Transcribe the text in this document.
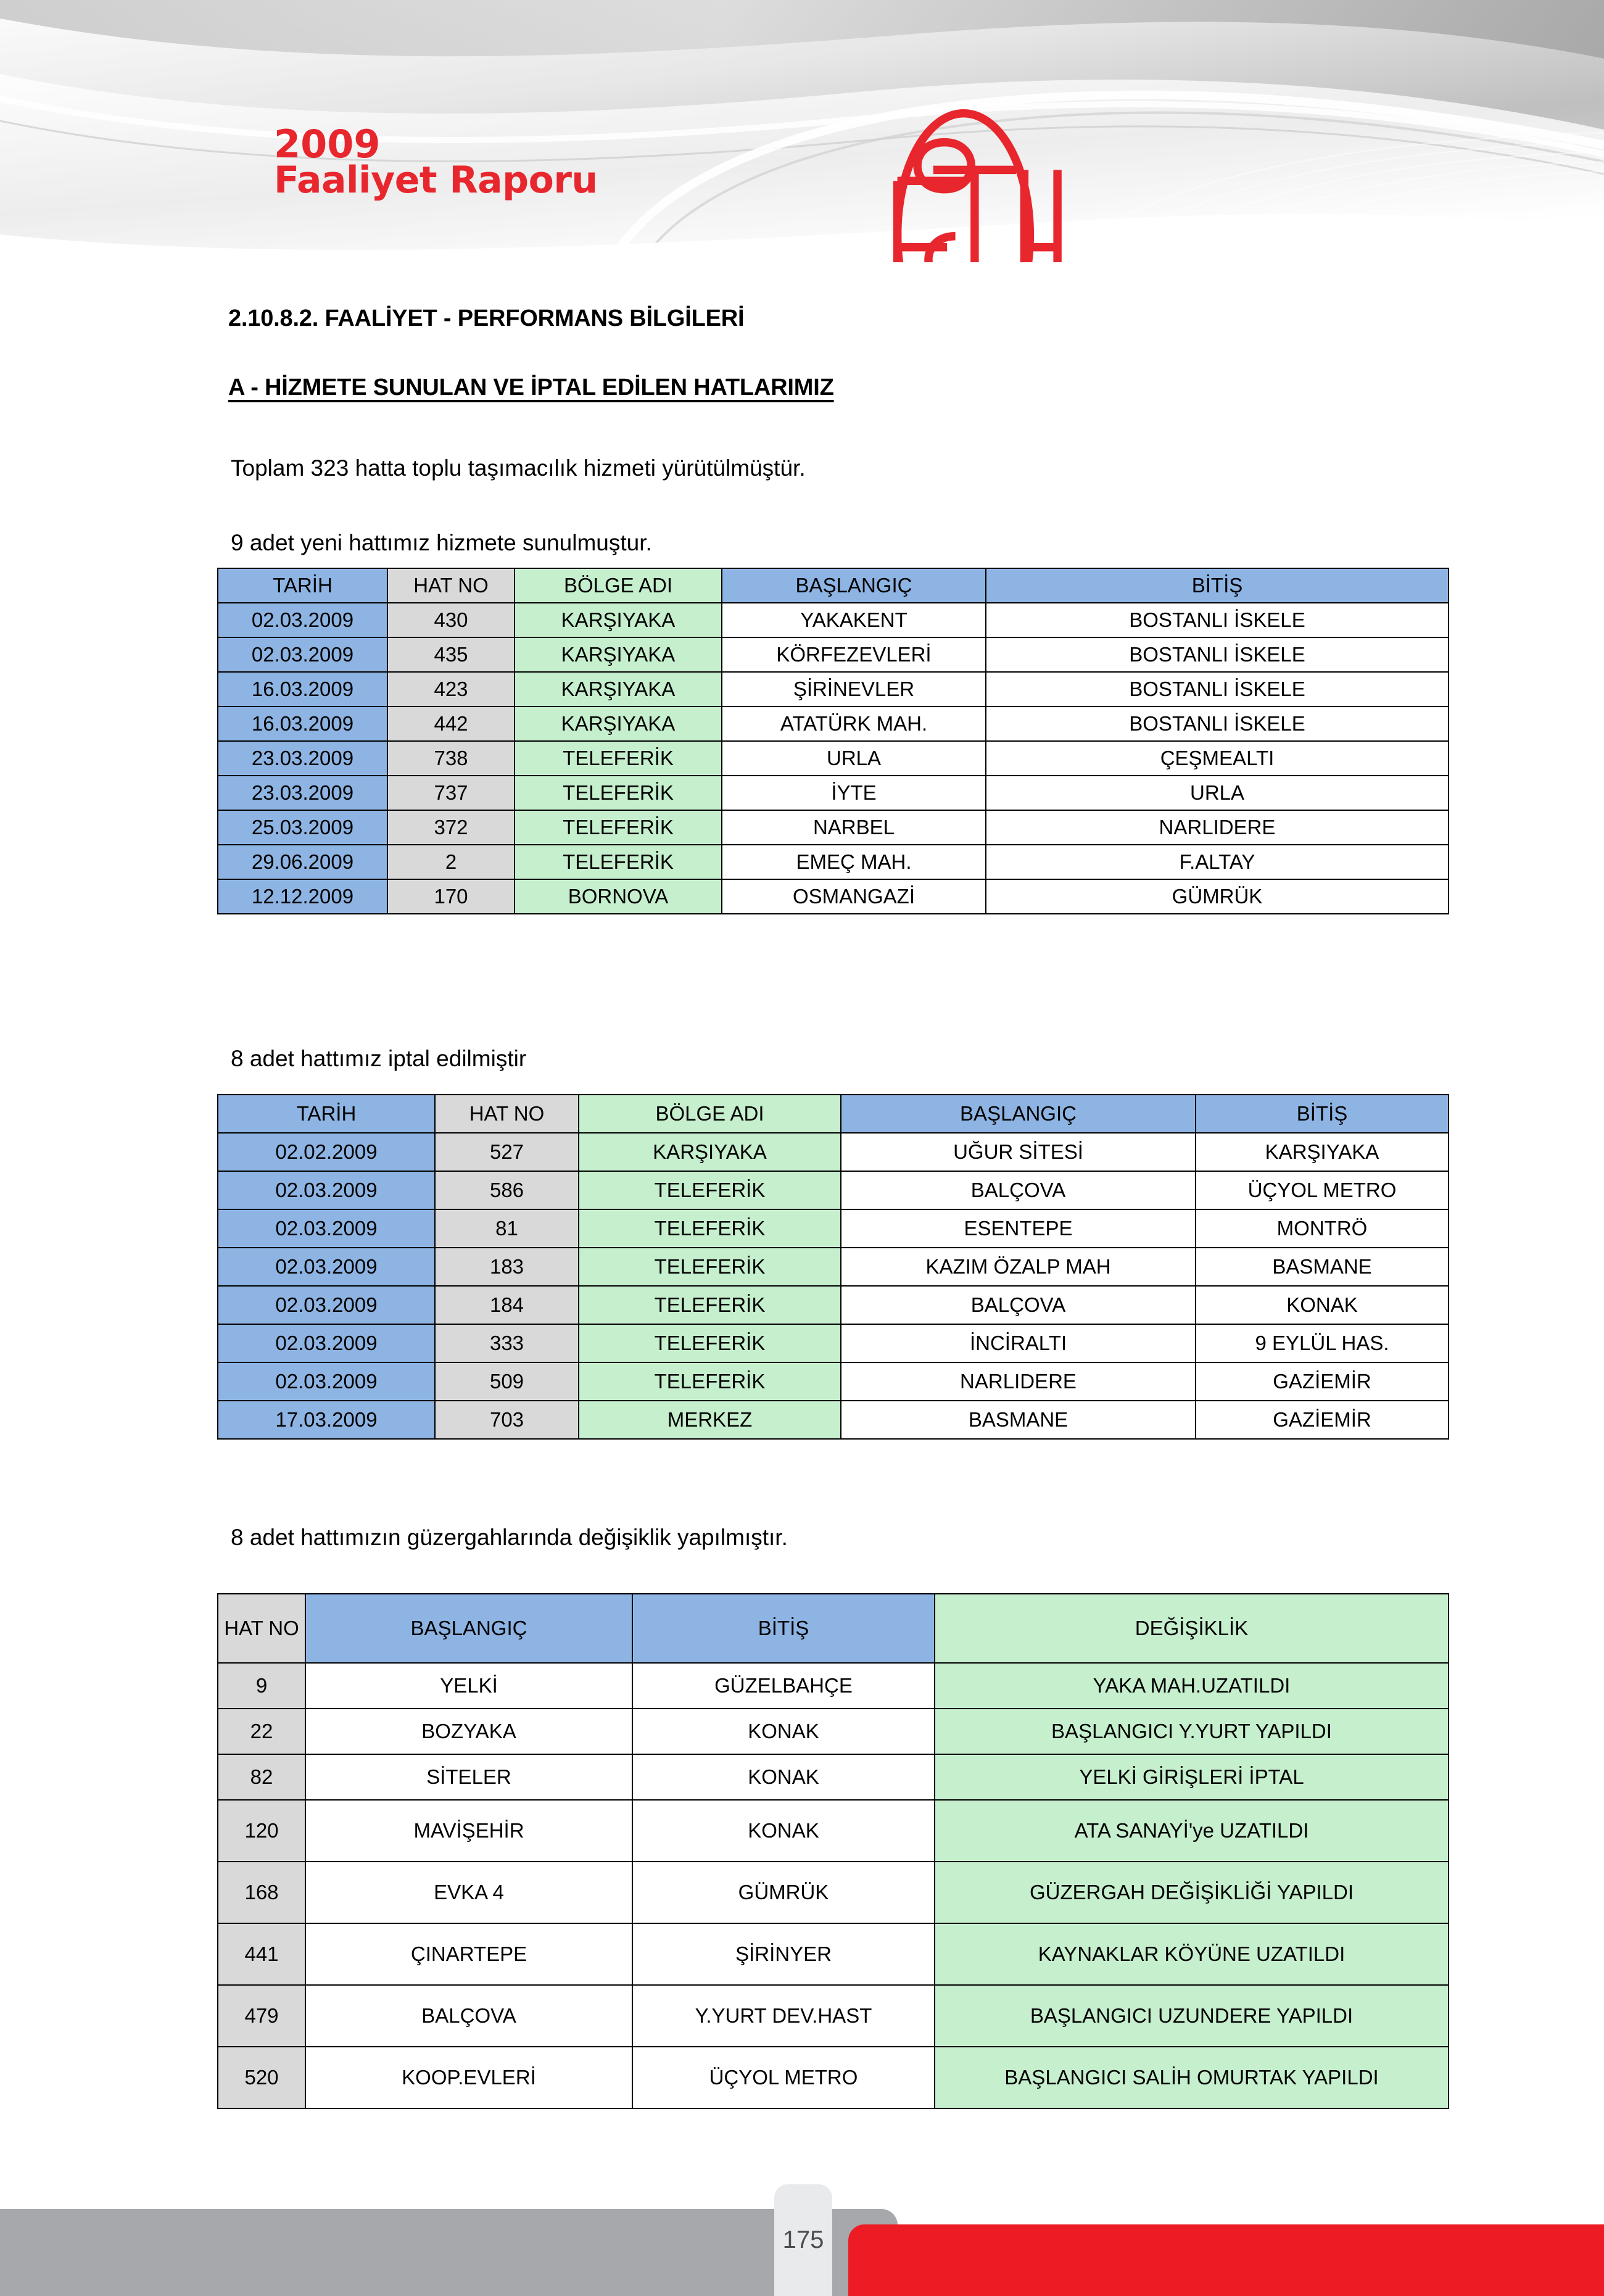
2009
Faaliyet Raporu
2.10.8.2. FAALİYET - PERFORMANS BİLGİLERİ
A - HİZMETE SUNULAN VE İPTAL EDİLEN HATLARIMIZ
Toplam 323 hatta toplu taşımacılık hizmeti yürütülmüştür.
9 adet yeni hattımız hizmete sunulmuştur.
TARİH	HAT NO	BÖLGE ADI	BAŞLANGIÇ	BİTİŞ
02.03.2009	430	KARŞIYAKA	YAKAKENT	BOSTANLI İSKELE
02.03.2009	435	KARŞIYAKA	KÖRFEZEVLERİ	BOSTANLI İSKELE
16.03.2009	423	KARŞIYAKA	ŞİRİNEVLER	BOSTANLI İSKELE
16.03.2009	442	KARŞIYAKA	ATATÜRK MAH.	BOSTANLI İSKELE
23.03.2009	738	TELEFERİK	URLA	ÇEŞMEALTI
23.03.2009	737	TELEFERİK	İYTE	URLA
25.03.2009	372	TELEFERİK	NARBEL	NARLIDERE
29.06.2009	2	TELEFERİK	EMEÇ MAH.	F.ALTAY
12.12.2009	170	BORNOVA	OSMANGAZİ	GÜMRÜK
8 adet hattımız iptal edilmiştir
TARİH	HAT NO	BÖLGE ADI	BAŞLANGIÇ	BİTİŞ
02.02.2009	527	KARŞIYAKA	UĞUR SİTESİ	KARŞIYAKA
02.03.2009	586	TELEFERİK	BALÇOVA	ÜÇYOL METRO
02.03.2009	81	TELEFERİK	ESENTEPE	MONTRÖ
02.03.2009	183	TELEFERİK	KAZIM ÖZALP MAH	BASMANE
02.03.2009	184	TELEFERİK	BALÇOVA	KONAK
02.03.2009	333	TELEFERİK	İNCİRALTI	9 EYLÜL HAS.
02.03.2009	509	TELEFERİK	NARLIDERE	GAZİEMİR
17.03.2009	703	MERKEZ	BASMANE	GAZİEMİR
8 adet hattımızın güzergahlarında değişiklik yapılmıştır.
HAT NO	BAŞLANGIÇ	BİTİŞ	DEĞİŞİKLİK
9	YELKİ	GÜZELBAHÇE	YAKA MAH.UZATILDI
22	BOZYAKA	KONAK	BAŞLANGICI Y.YURT YAPILDI
82	SİTELER	KONAK	YELKİ GİRİŞLERİ İPTAL
120	MAVİŞEHİR	KONAK	ATA SANAYİ'ye UZATILDI
168	EVKA 4	GÜMRÜK	GÜZERGAH DEĞİŞİKLİĞİ YAPILDI
441	ÇINARTEPE	ŞİRİNYER	KAYNAKLAR KÖYÜNE UZATILDI
479	BALÇOVA	Y.YURT DEV.HAST	BAŞLANGICI UZUNDERE YAPILDI
520	KOOP.EVLERİ	ÜÇYOL METRO	BAŞLANGICI SALİH OMURTAK YAPILDI
175
